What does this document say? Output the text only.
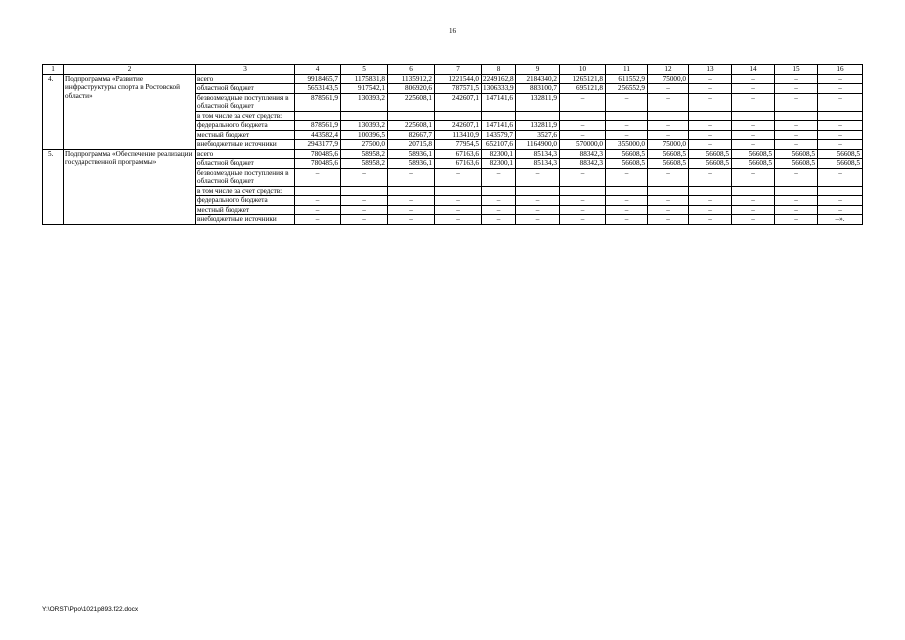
16
1	2	3	4	5	6	7	8	9	10	11	12	13	14	15	16
4.	Подпрограмма «Развитие инфраструктуры спорта в Ростовской области»	всего	9918465,7	1175831,8	1135912,2	1221544,0	2249162,8	2184340,2	1265121,8	611552,9	75000,0	–	–	–	–
		областной бюджет	5653143,5	917542,1	806920,6	787571,5	1306333,9	883100,7	695121,8	256552,9	–	–	–	–	–
		безвозмездные поступления в областной бюджет	878561,9	130393,2	225608,1	242607,1	147141,6	132811,9	–	–	–	–	–	–	–
		в том числе за счет средств:													
		федерального бюджета	878561,9	130393,2	225608,1	242607,1	147141,6	132811,9	–	–	–	–	–	–	–
		местный бюджет	443582,4	100396,5	82667,7	113410,9	143579,7	3527,6	–	–	–	–	–	–	–
		внебюджетные источники	2943177,9	27500,0	20715,8	77954,5	652107,6	1164900,0	570000,0	355000,0	75000,0	–	–	–	–
5.	Подпрограмма «Обеспечение реализации государственной программы»	всего	780485,6	58958,2	58936,1	67163,6	82300,1	85134,3	88342,3	56608,5	56608,5	56608,5	56608,5	56608,5	56608,5
		областной бюджет	780485,6	58958,2	58936,1	67163,6	82300,1	85134,3	88342,3	56608,5	56608,5	56608,5	56608,5	56608,5	56608,5
		безвозмездные поступления в областной бюджет	–	–	–	–	–	–	–	–	–	–	–	–	–
		в том числе за счет средств:													
		федерального бюджета	–	–	–	–	–	–	–	–	–	–	–	–	–
		местный бюджет	–	–	–	–	–	–	–	–	–	–	–	–	–
		внебюджетные источники	–	–	–	–	–	–	–	–	–	–	–	–	–».
Y:\ORST\Ppo\1021p893.f22.docx
